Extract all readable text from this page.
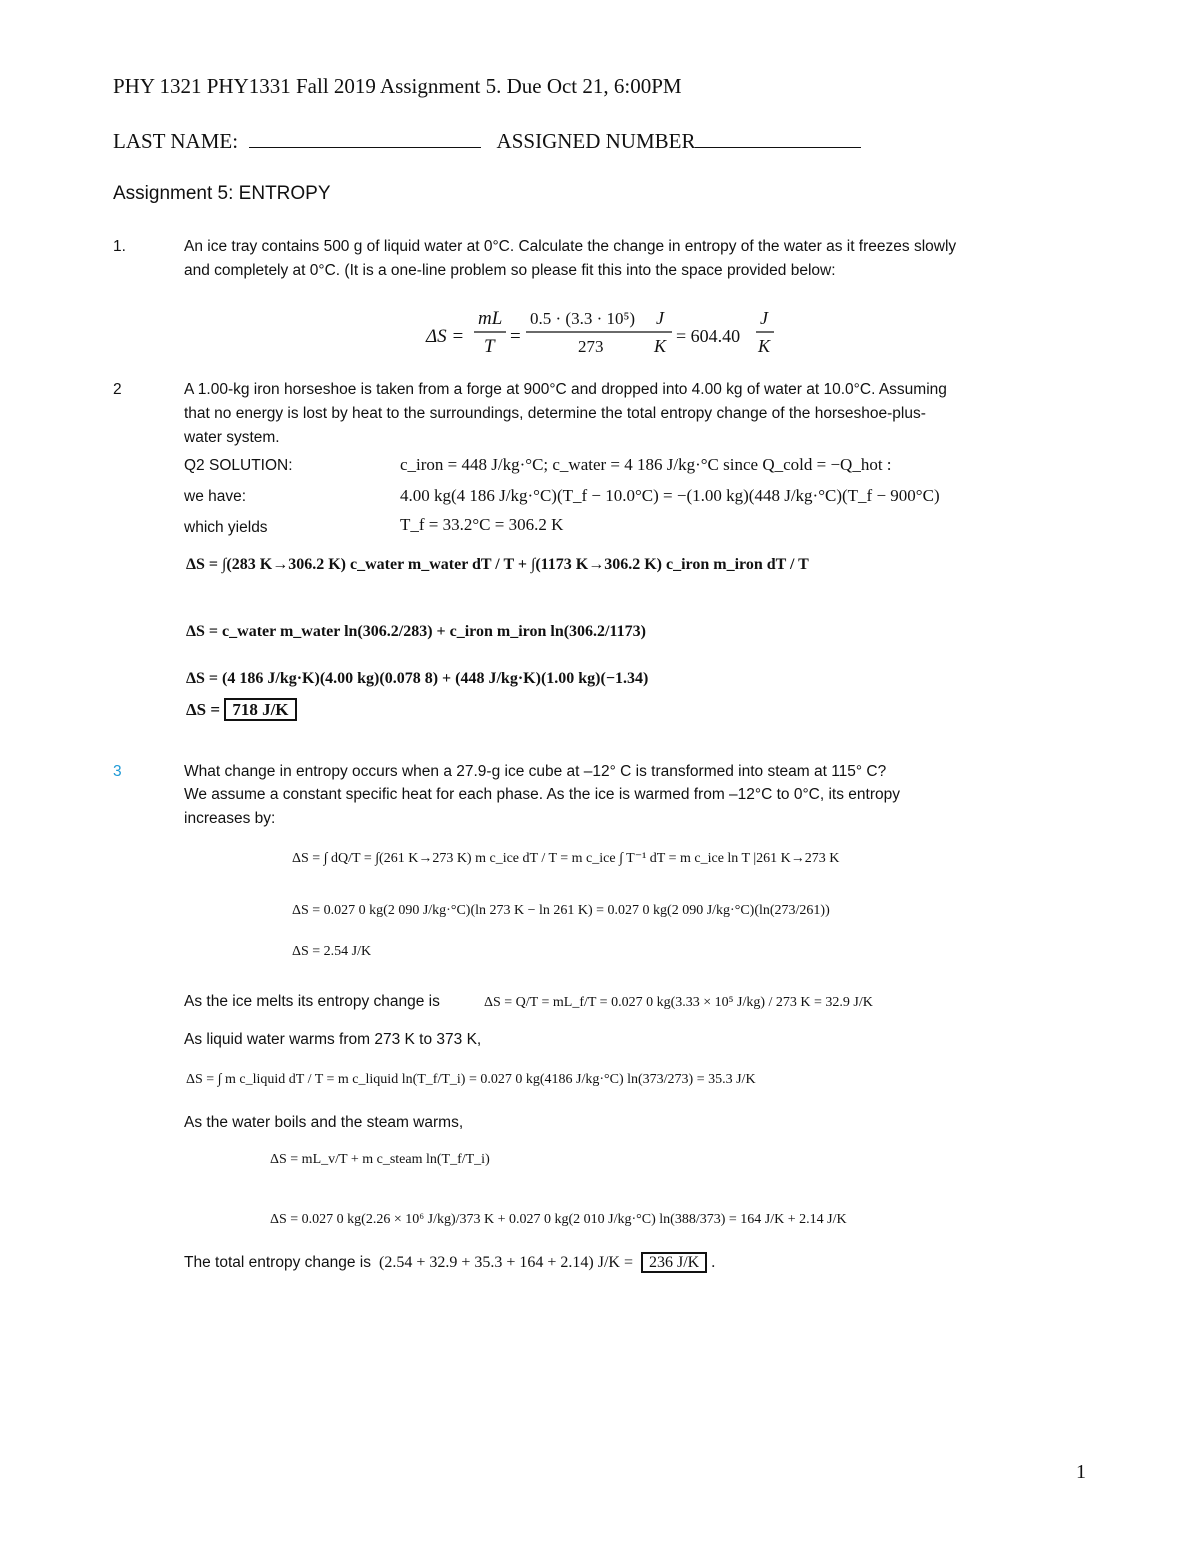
PHY 1321 PHY1331 Fall 2019 Assignment 5. Due Oct 21, 6:00PM
LAST NAME:	ASSIGNED NUMBER
Assignment 5: ENTROPY
1.	An ice tray contains 500 g of liquid water at 0°C. Calculate the change in entropy of the water as it freezes slowly
and completely at 0°C. (It is a one-line problem so please fit this into the space provided below:
ΔS =
mL
T =
0.5 · (3.3 · 10⁵)
273
J
K = 604.40
J
K
2	A 1.00-kg iron horseshoe is taken from a forge at 900°C and dropped into 4.00 kg of water at 10.0°C. Assuming
that no energy is lost by heat to the surroundings, determine the total entropy change of the horseshoe-plus-
water system.
Q2 SOLUTION:	c_iron = 448 J/kg·°C; c_water = 4 186 J/kg·°C since Q_cold = −Q_hot :
we have:	4.00 kg(4 186 J/kg·°C)(T_f − 10.0°C) = −(1.00 kg)(448 J/kg·°C)(T_f − 900°C)
which yields	T_f = 33.2°C = 306.2 K
ΔS = ∫(283 K→306.2 K) c_water m_water dT / T + ∫(1173 K→306.2 K) c_iron m_iron dT / T
ΔS = c_water m_water ln(306.2/283) + c_iron m_iron ln(306.2/1173)
ΔS = (4 186 J/kg·K)(4.00 kg)(0.078 8) + (448 J/kg·K)(1.00 kg)(−1.34)
ΔS = 718 J/K
3	What change in entropy occurs when a 27.9-g ice cube at –12° C is transformed into steam at 115° C?
We assume a constant specific heat for each phase. As the ice is warmed from –12°C to 0°C, its entropy
increases by:
ΔS = ∫ dQ/T = ∫(261 K→273 K) m c_ice dT / T = m c_ice ∫ T⁻¹ dT = m c_ice ln T |261 K→273 K
ΔS = 0.027 0 kg(2 090 J/kg·°C)(ln 273 K − ln 261 K) = 0.027 0 kg(2 090 J/kg·°C)(ln(273/261))
ΔS = 2.54 J/K
As the ice melts its entropy change is	ΔS = Q/T = mL_f/T = 0.027 0 kg(3.33 × 10⁵ J/kg) / 273 K = 32.9 J/K
As liquid water warms from 273 K to 373 K,
ΔS = ∫ m c_liquid dT / T = m c_liquid ln(T_f/T_i) = 0.027 0 kg(4186 J/kg·°C) ln(373/273) = 35.3 J/K
As the water boils and the steam warms,
ΔS = mL_v/T + m c_steam ln(T_f/T_i)
ΔS = 0.027 0 kg(2.26 × 10⁶ J/kg)/373 K + 0.027 0 kg(2 010 J/kg·°C) ln(388/373) = 164 J/K + 2.14 J/K
The total entropy change is (2.54 + 32.9 + 35.3 + 164 + 2.14) J/K = 236 J/K .
1
